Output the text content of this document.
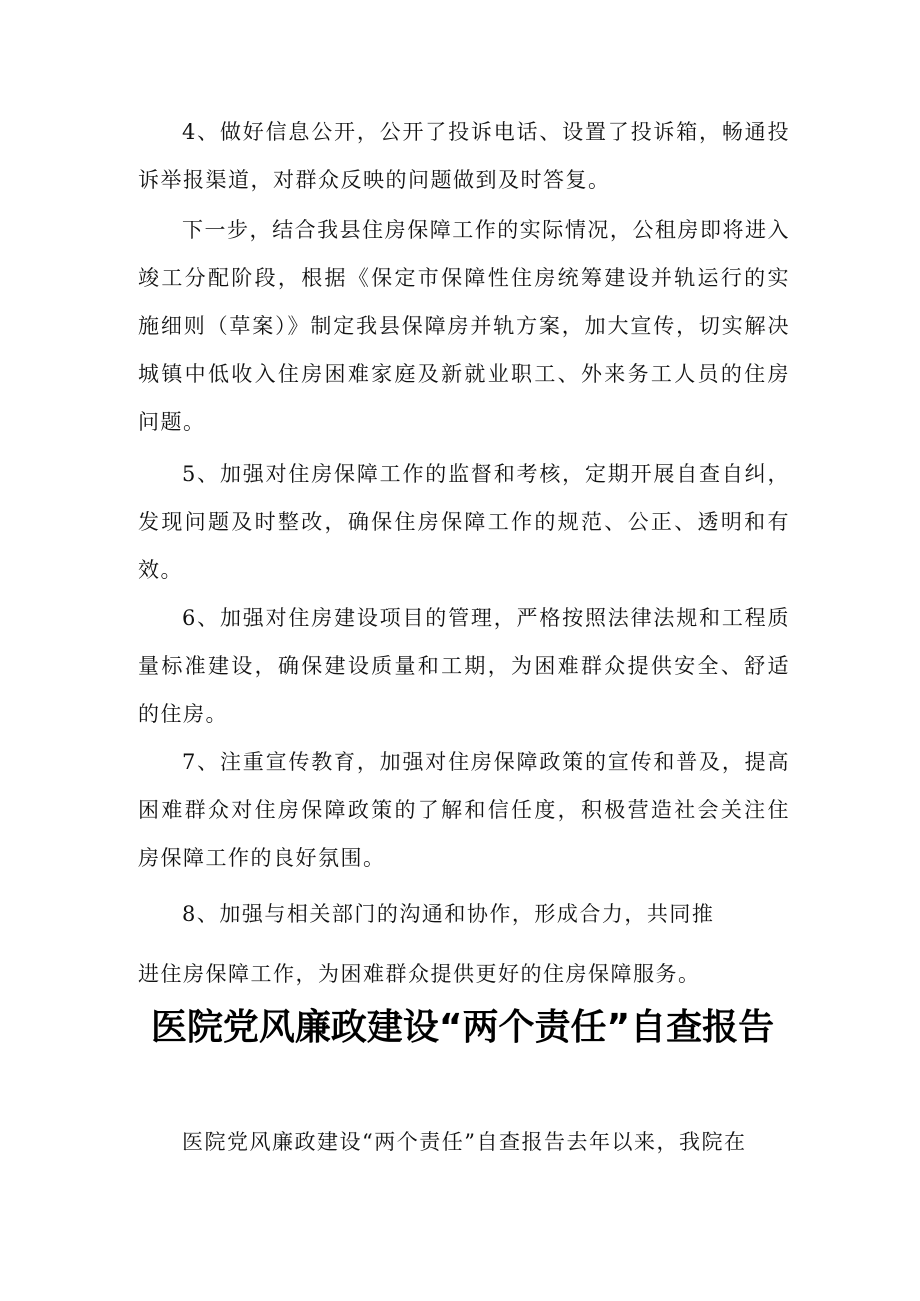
4、做好信息公开，公开了投诉电话、设置了投诉箱，畅通投诉举报渠道，对群众反映的问题做到及时答复。

下一步，结合我县住房保障工作的实际情况，公租房即将进入竣工分配阶段，根据《保定市保障性住房统筹建设并轨运行的实施细则（草案）》制定我县保障房并轨方案，加大宣传，切实解决城镇中低收入住房困难家庭及新就业职工、外来务工人员的住房问题。

5、加强对住房保障工作的监督和考核，定期开展自查自纠，发现问题及时整改，确保住房保障工作的规范、公正、透明和有效。

6、加强对住房建设项目的管理，严格按照法律法规和工程质量标准建设，确保建设质量和工期，为困难群众提供安全、舒适的住房。

7、注重宣传教育，加强对住房保障政策的宣传和普及，提高困难群众对住房保障政策的了解和信任度，积极营造社会关注住房保障工作的良好氛围。

8、加强与相关部门的沟通和协作，形成合力，共同推

进住房保障工作，为困难群众提供更好的住房保障服务。

医院党风廉政建设“两个责任”自查报告

医院党风廉政建设“两个责任”自查报告去年以来，我院在
